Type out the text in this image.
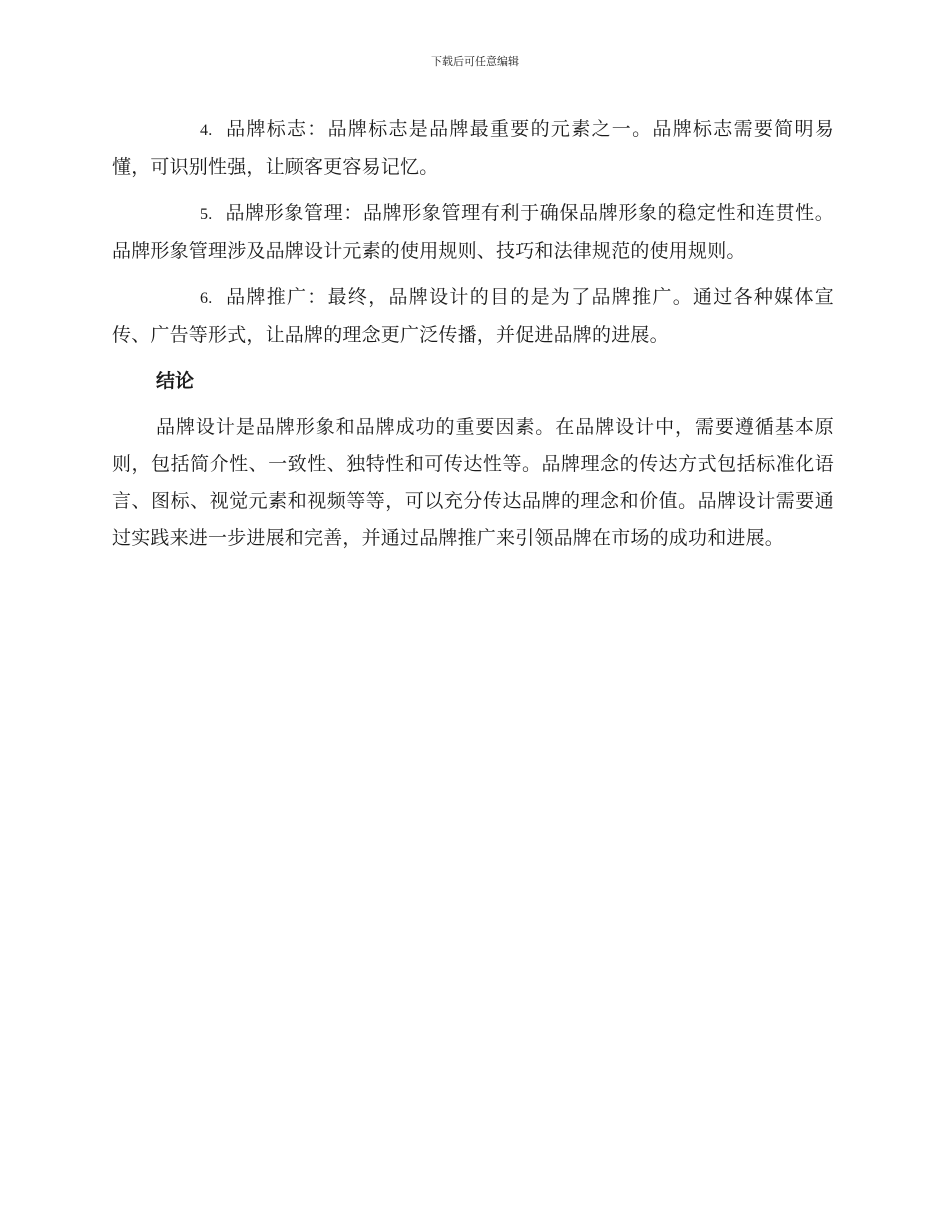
下载后可任意编辑

4. 品牌标志：品牌标志是品牌最重要的元素之一。品牌标志需要简明易懂，可识别性强，让顾客更容易记忆。

5. 品牌形象管理：品牌形象管理有利于确保品牌形象的稳定性和连贯性。品牌形象管理涉及品牌设计元素的使用规则、技巧和法律规范的使用规则。

6. 品牌推广：最终，品牌设计的目的是为了品牌推广。通过各种媒体宣传、广告等形式，让品牌的理念更广泛传播，并促进品牌的进展。

结论

品牌设计是品牌形象和品牌成功的重要因素。在品牌设计中，需要遵循基本原则，包括简介性、一致性、独特性和可传达性等。品牌理念的传达方式包括标准化语言、图标、视觉元素和视频等等，可以充分传达品牌的理念和价值。品牌设计需要通过实践来进一步进展和完善，并通过品牌推广来引领品牌在市场的成功和进展。
